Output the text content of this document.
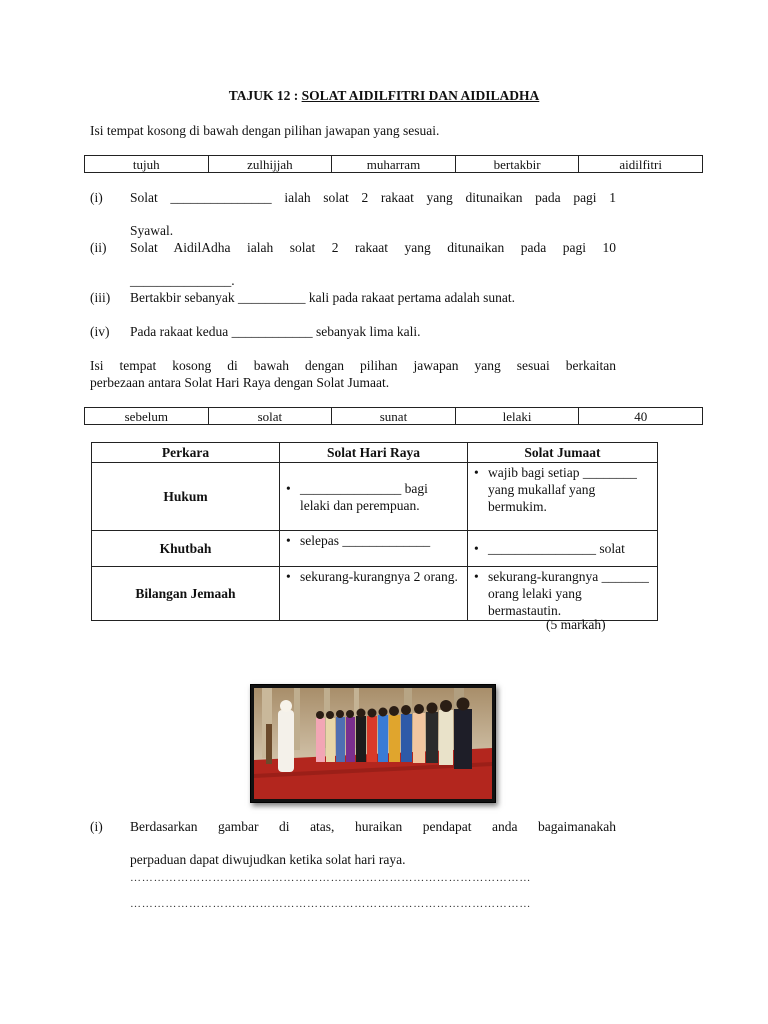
TAJUK 12 : SOLAT AIDILFITRI DAN AIDILADHA
Isi tempat kosong di bawah dengan pilihan jawapan yang sesuai.
tujuh	zulhijjah	muharram	bertakbir	aidilfitri
(i)	Solat _______________ ialah solat 2 rakaat yang ditunaikan pada pagi 1
Syawal.
(ii)	Solat AidilAdha ialah solat 2 rakaat yang ditunaikan pada pagi 10
_______________.
(iii)	Bertakbir sebanyak __________ kali pada rakaat pertama adalah sunat.
(iv)	Pada rakaat kedua ____________ sebanyak lima kali.
Isi tempat kosong di bawah dengan pilihan jawapan yang sesuai berkaitan
perbezaan antara Solat Hari Raya dengan Solat Jumaat.
sebelum	solat	sunat	lelaki	40
Perkara	Solat Hari Raya	Solat Jumaat
Hukum	• _______________ bagi lelaki dan perempuan.	• wajib bagi setiap ________ yang mukallaf yang bermukim.

Khutbah	• selepas _____________	• ________________ solat

Bilangan Jemaah	• sekurang-kurangnya 2 orang.	• sekurang-kurangnya _______ orang lelaki yang bermastautin.
(5 markah)
(i)	Berdasarkan gambar di atas, huraikan pendapat anda bagaimanakah
perpaduan dapat diwujudkan ketika solat hari raya.
…………………………………………………………………………………………
…………………………………………………………………………………………
